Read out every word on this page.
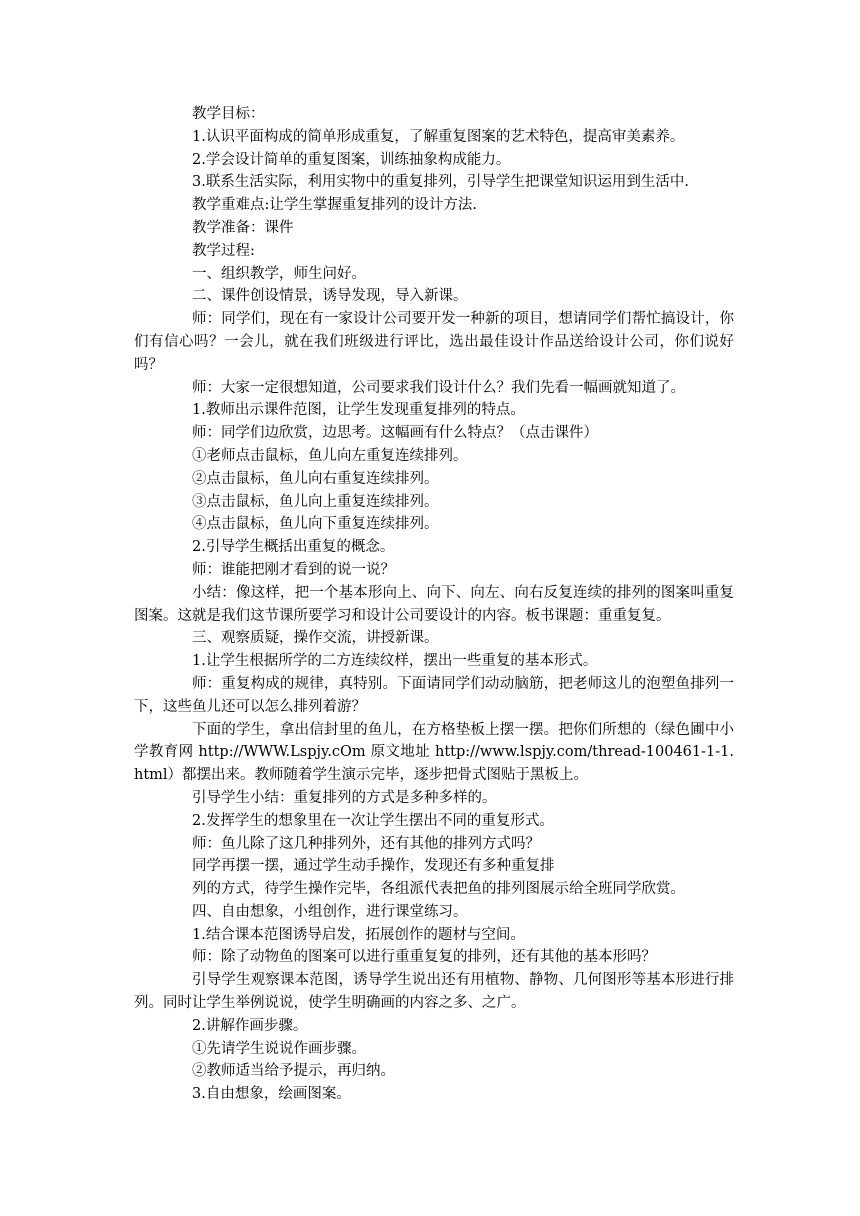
教学目标：

1.认识平面构成的简单形成重复，了解重复图案的艺术特色，提高审美素养。

2.学会设计简单的重复图案，训练抽象构成能力。

3.联系生活实际，利用实物中的重复排列，引导学生把课堂知识运用到生活中.

教学重难点:让学生掌握重复排列的设计方法.

教学准备：课件

教学过程:

一、组织教学，师生问好。

二、课件创设情景，诱导发现，导入新课。

师：同学们，现在有一家设计公司要开发一种新的项目，想请同学们帮忙搞设计，你们有信心吗？一会儿，就在我们班级进行评比，选出最佳设计作品送给设计公司，你们说好吗？

师：大家一定很想知道，公司要求我们设计什么？我们先看一幅画就知道了。

1.教师出示课件范图，让学生发现重复排列的特点。

师：同学们边欣赏，边思考。这幅画有什么特点？（点击课件）

①老师点击鼠标，鱼儿向左重复连续排列。

②点击鼠标，鱼儿向右重复连续排列。

③点击鼠标，鱼儿向上重复连续排列。

④点击鼠标，鱼儿向下重复连续排列。

2.引导学生概括出重复的概念。

师：谁能把刚才看到的说一说？

小结：像这样，把一个基本形向上、向下、向左、向右反复连续的排列的图案叫重复图案。这就是我们这节课所要学习和设计公司要设计的内容。板书课题：重重复复。

三、观察质疑，操作交流，讲授新课。

1.让学生根据所学的二方连续纹样，摆出一些重复的基本形式。

师：重复构成的规律，真特别。下面请同学们动动脑筋，把老师这儿的泡塑鱼排列一下，这些鱼儿还可以怎么排列着游？

下面的学生，拿出信封里的鱼儿，在方格垫板上摆一摆。把你们所想的（绿色圃中小学教育网 http://WWW.Lspjy.cOm 原文地址 http://www.lspjy.com/thread-100461-1-1.html）都摆出来。教师随着学生演示完毕，逐步把骨式图贴于黑板上。

引导学生小结：重复排列的方式是多种多样的。

2.发挥学生的想象里在一次让学生摆出不同的重复形式。

师：鱼儿除了这几种排列外，还有其他的排列方式吗？

同学再摆一摆，通过学生动手操作，发现还有多种重复排

列的方式，待学生操作完毕，各组派代表把鱼的排列图展示给全班同学欣赏。

四、自由想象，小组创作，进行课堂练习。

1.结合课本范图诱导启发，拓展创作的题材与空间。

师：除了动物鱼的图案可以进行重重复复的排列，还有其他的基本形吗？

引导学生观察课本范图，诱导学生说出还有用植物、静物、几何图形等基本形进行排列。同时让学生举例说说，使学生明确画的内容之多、之广。

2.讲解作画步骤。

①先请学生说说作画步骤。

②教师适当给予提示，再归纳。

3.自由想象，绘画图案。
